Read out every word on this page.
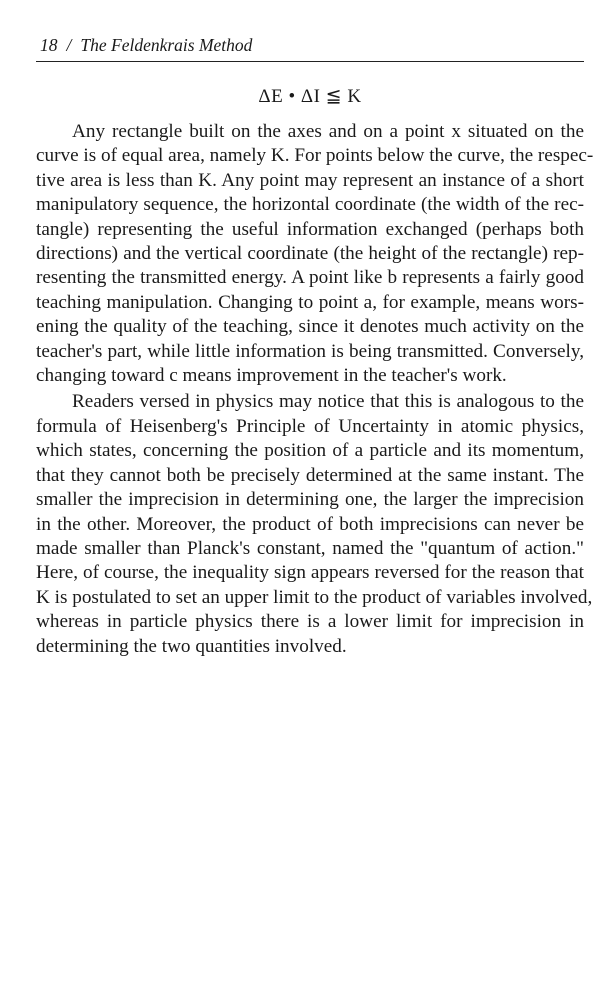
18 / The Feldenkrais Method
ΔE • ΔI ≦ K

Any rectangle built on the axes and on a point x situated on the
curve is of equal area, namely K. For points below the curve, the respec-
tive area is less than K. Any point may represent an instance of a short
manipulatory sequence, the horizontal coordinate (the width of the rec-
tangle) representing the useful information exchanged (perhaps both
directions) and the vertical coordinate (the height of the rectangle) rep-
resenting the transmitted energy. A point like b represents a fairly good
teaching manipulation. Changing to point a, for example, means wors-
ening the quality of the teaching, since it denotes much activity on the
teacher's part, while little information is being transmitted. Conversely,
changing toward c means improvement in the teacher's work.

Readers versed in physics may notice that this is analogous to the
formula of Heisenberg's Principle of Uncertainty in atomic physics,
which states, concerning the position of a particle and its momentum,
that they cannot both be precisely determined at the same instant. The
smaller the imprecision in determining one, the larger the imprecision
in the other. Moreover, the product of both imprecisions can never be
made smaller than Planck's constant, named the "quantum of action."
Here, of course, the inequality sign appears reversed for the reason that
K is postulated to set an upper limit to the product of variables involved,
whereas in particle physics there is a lower limit for imprecision in
determining the two quantities involved.
